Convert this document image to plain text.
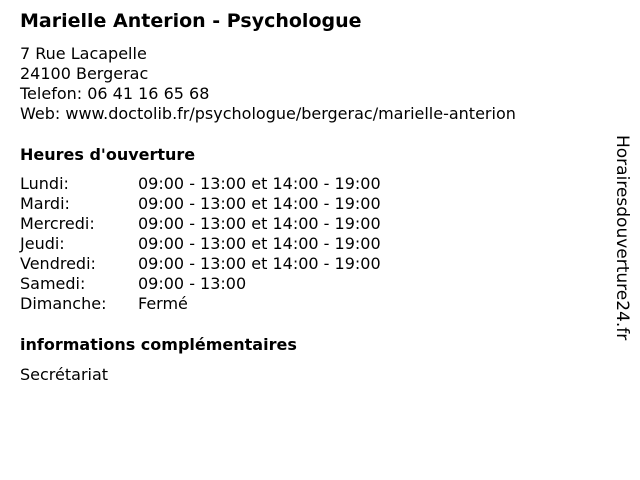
Marielle Anterion - Psychologue
7 Rue Lacapelle
24100 Bergerac
Telefon: 06 41 16 65 68
Web: www.doctolib.fr/psychologue/bergerac/marielle-anterion
Heures d'ouverture
Lundi:	09:00 - 13:00 et 14:00 - 19:00
Mardi:	09:00 - 13:00 et 14:00 - 19:00
Mercredi:	09:00 - 13:00 et 14:00 - 19:00
Jeudi:	09:00 - 13:00 et 14:00 - 19:00
Vendredi:	09:00 - 13:00 et 14:00 - 19:00
Samedi:	09:00 - 13:00
Dimanche:	Fermé
informations complémentaires
Secrétariat
Horairesdouverture24.fr
